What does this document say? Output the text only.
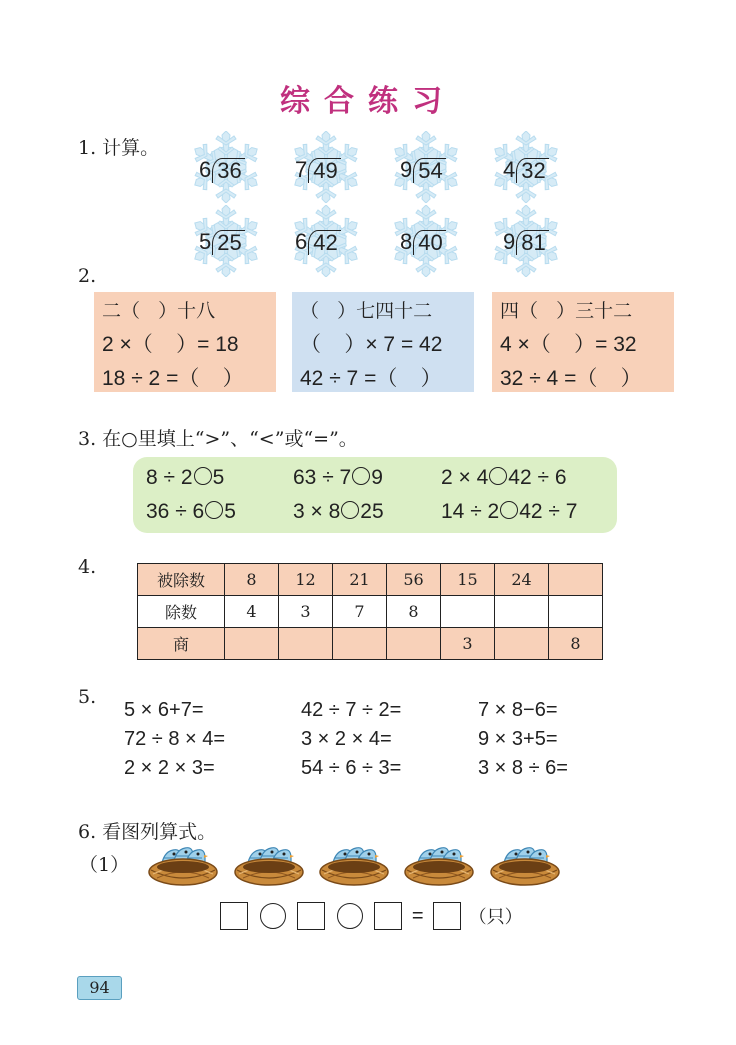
综合练习
1. 计算。
6 36 7 49	9 54	4 32
5 25 6 42	8 40	9 81
2.
二（   ）十八
2 ×（    ）= 18
18 ÷ 2 =（    ）
（   ）七四十二
（    ）× 7 = 42
42 ÷ 7 =（    ）
四（   ）三十二
4 ×（    ）= 32
32 ÷ 4 =（    ）
3. 在○里填上“>”、“<”或“=”。
8 ÷ 2 5	63 ÷ 7 9	2 × 4 42 ÷ 6
36 ÷ 6 5	3 × 8 25	14 ÷ 2 42 ÷ 7
4.
被除数	8	12	21	56	15	24	
除数	4	3	7	8			
商					3		8
5.
5 × 6+7=	42 ÷ 7 ÷ 2=	7 × 8−6=
72 ÷ 8 × 4=	3 × 2 × 4=	9 × 3+5=
2 × 2 × 3=	54 ÷ 6 ÷ 3=	3 × 8 ÷ 6=
6. 看图列算式。
（1）
=	（只）
94
